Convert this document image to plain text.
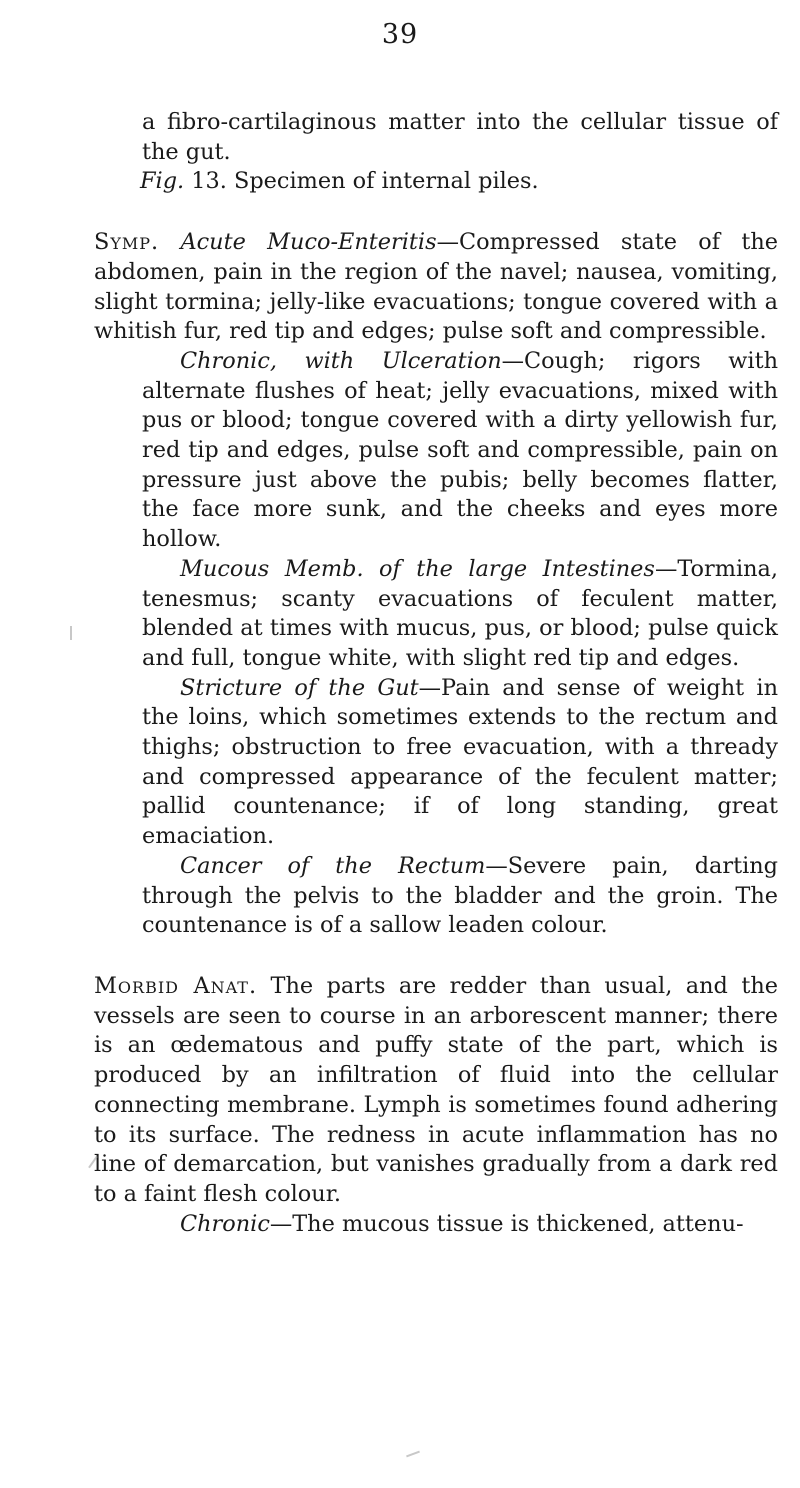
39

a fibro-cartilaginous matter into the cellular tissue of the gut.

Fig. 13. Specimen of internal piles.

Symp. Acute Muco-Enteritis—Compressed state of the abdomen, pain in the region of the navel; nausea, vomiting, slight tormina; jelly-like evacuations; tongue covered with a whitish fur, red tip and edges; pulse soft and compressible.

Chronic, with Ulceration—Cough; rigors with alternate flushes of heat; jelly evacuations, mixed with pus or blood; tongue covered with a dirty yellowish fur, red tip and edges, pulse soft and compressible, pain on pressure just above the pubis; belly becomes flatter, the face more sunk, and the cheeks and eyes more hollow.

Mucous Memb. of the large Intestines—Tormina, tenesmus; scanty evacuations of feculent matter, blended at times with mucus, pus, or blood; pulse quick and full, tongue white, with slight red tip and edges.

Stricture of the Gut—Pain and sense of weight in the loins, which sometimes extends to the rectum and thighs; obstruction to free evacuation, with a thready and compressed appearance of the feculent matter; pallid countenance; if of long standing, great emaciation.

Cancer of the Rectum—Severe pain, darting through the pelvis to the bladder and the groin. The countenance is of a sallow leaden colour.

Morbid Anat. The parts are redder than usual, and the vessels are seen to course in an arborescent manner; there is an œdematous and puffy state of the part, which is produced by an infiltration of fluid into the cellular connecting membrane. Lymph is sometimes found adhering to its surface. The redness in acute inflammation has no line of demarcation, but vanishes gradually from a dark red to a faint flesh colour.

Chronic—The mucous tissue is thickened, attenu-
